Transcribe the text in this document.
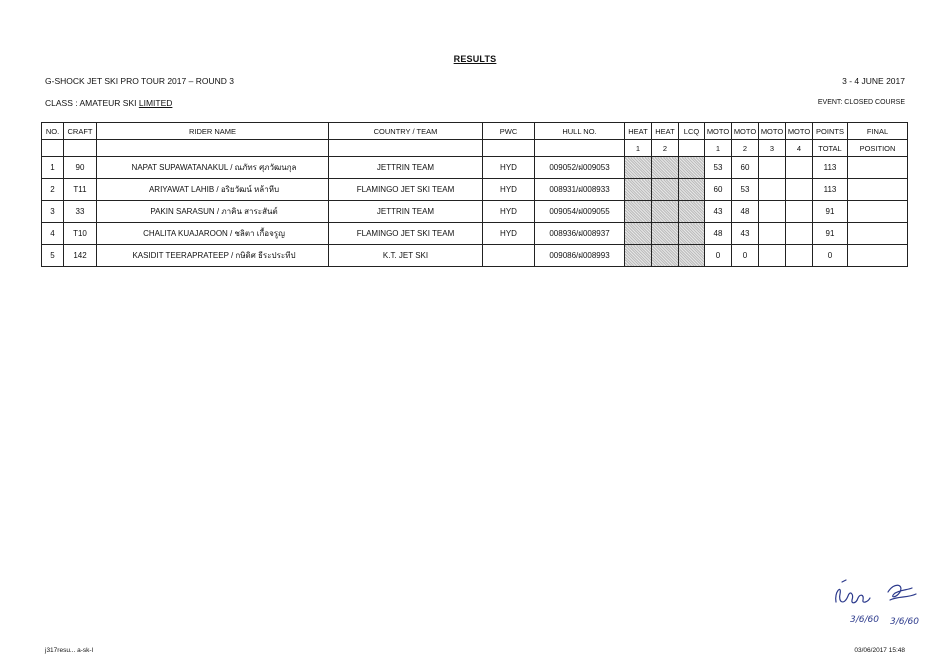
RESULTS
G-SHOCK JET SKI PRO TOUR 2017 – ROUND 3	3 - 4 JUNE 2017
CLASS : AMATEUR SKI LIMITED	EVENT: CLOSED COURSE
NO.	CRAFT	RIDER NAME	COUNTRY / TEAM	PWC	HULL NO.	HEAT	HEAT	LCQ	MOTO	MOTO	MOTO	MOTO	POINTS	FINAL
						1	2		1	2	3	4	TOTAL	POSITION
1	90	NAPAT SUPAWATANAKUL / ณภัทร ศุภวัฒนกุล	JETTRIN TEAM	HYD	009052/ฝ009053				53	60			113	
2	T11	ARIYAWAT LAHIB / อริยวัฒน์ หล้าหีบ	FLAMINGO JET SKI TEAM	HYD	008931/ฝ008933				60	53			113	
3	33	PAKIN SARASUN / ภาคิน สาระสันต์	JETTRIN TEAM	HYD	009054/ฝ009055				43	48			91	
4	T10	CHALITA KUAJAROON / ชลิตา เกื้อจรูญ	FLAMINGO JET SKI TEAM	HYD	008936/ฝ008937				48	43			91	
5	142	KASIDIT TEERAPRATEEP / กษิดิศ ธีระประทีป	K.T. JET SKI		009086/ฝ008993				0	0			0	
3/6/60 3/6/60
j317resu... a-sk-l	03/06/2017 15:48
